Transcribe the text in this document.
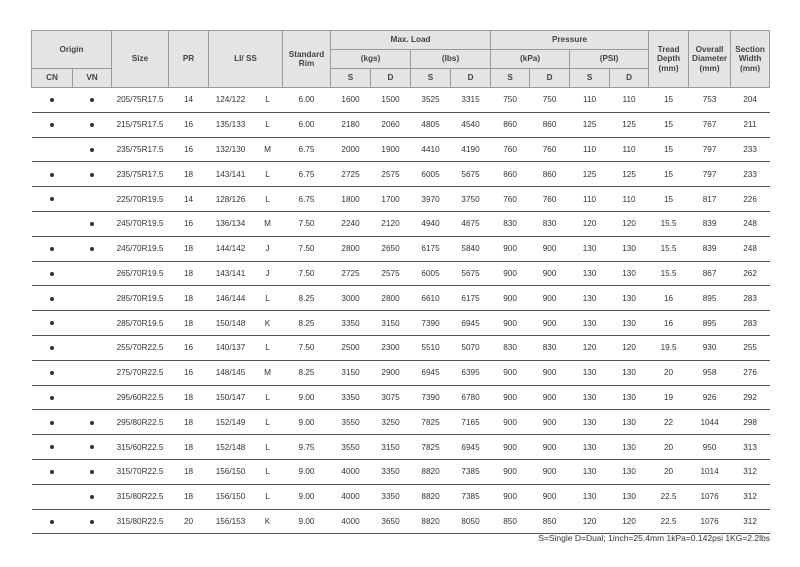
Origin		Size	PR	LI/ SS		Standard Rim	Max. Load				Pressure				Tread Depth (mm)	Overall Diameter (mm)	Section Width (mm)
							(kgs)		(lbs)		(kPa)		(PSI)				
CN	VN						S	D	S	D	S	D	S	D			
		205/75R17.5	14	124/122	L	6.00	1600	1500	3525	3315	750	750	110	110	15	753	204
		215/75R17.5	16	135/133	L	6.00	2180	2060	4805	4540	860	860	125	125	15	767	211
		235/75R17.5	16	132/130	M	6.75	2000	1900	4410	4190	760	760	110	110	15	797	233
		235/75R17.5	18	143/141	L	6.75	2725	2575	6005	5675	860	860	125	125	15	797	233
		225/70R19.5	14	128/126	L	6.75	1800	1700	3970	3750	760	760	110	110	15	817	226
		245/70R19.5	16	136/134	M	7.50	2240	2120	4940	4675	830	830	120	120	15.5	839	248
		245/70R19.5	18	144/142	J	7.50	2800	2650	6175	5840	900	900	130	130	15.5	839	248
		265/70R19.5	18	143/141	J	7.50	2725	2575	6005	5675	900	900	130	130	15.5	867	262
		285/70R19.5	18	146/144	L	8.25	3000	2800	6610	6175	900	900	130	130	16	895	283
		285/70R19.5	18	150/148	K	8.25	3350	3150	7390	6945	900	900	130	130	16	895	283
		255/70R22.5	16	140/137	L	7.50	2500	2300	5510	5070	830	830	120	120	19.5	930	255
		275/70R22.5	16	148/145	M	8.25	3150	2900	6945	6395	900	900	130	130	20	958	276
		295/60R22.5	18	150/147	L	9.00	3350	3075	7390	6780	900	900	130	130	19	926	292
		295/80R22.5	18	152/149	L	9.00	3550	3250	7825	7165	900	900	130	130	22	1044	298
		315/60R22.5	18	152/148	L	9.75	3550	3150	7825	6945	900	900	130	130	20	950	313
		315/70R22.5	18	156/150	L	9.00	4000	3350	8820	7385	900	900	130	130	20	1014	312
		315/80R22.5	18	156/150	L	9.00	4000	3350	8820	7385	900	900	130	130	22.5	1076	312
		315/80R22.5	20	156/153	K	9.00	4000	3650	8820	8050	850	850	120	120	22.5	1076	312
S=Single D=Dual; 1inch=25.4mm 1kPa=0.142psi 1KG=2.2lbs
